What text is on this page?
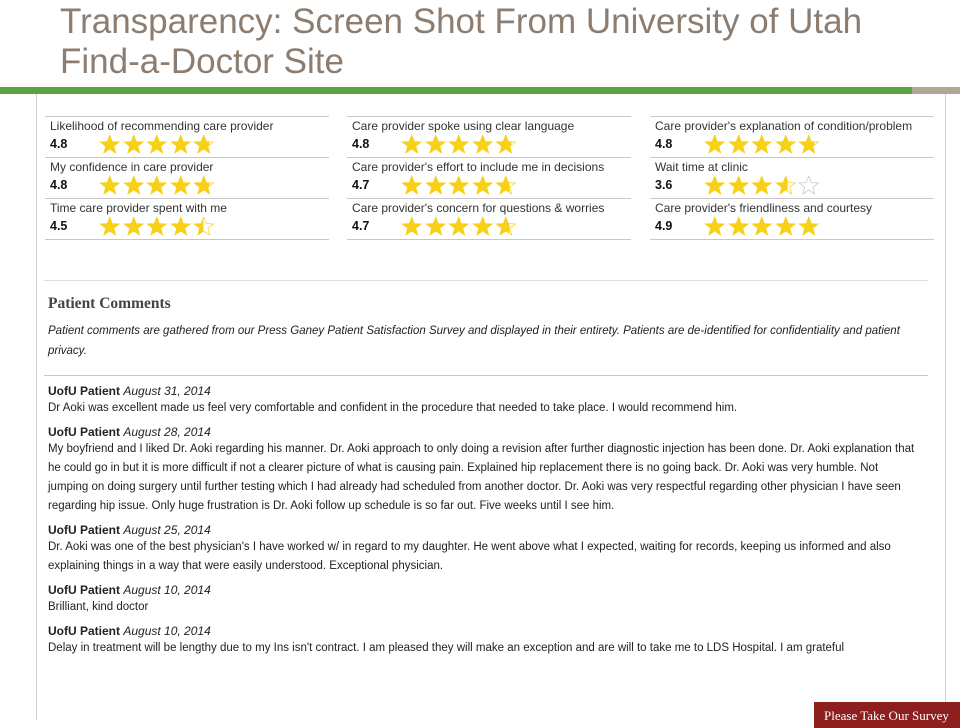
Transparency: Screen Shot From University of Utah Find-a-Doctor Site
Likelihood of recommending care provider
4.8
My confidence in care provider
4.8
Time care provider spent with me
4.5
Care provider spoke using clear language
4.8
Care provider's effort to include me in decisions
4.7
Care provider's concern for questions & worries
4.7
Care provider's explanation of condition/problem
4.8
Wait time at clinic
3.6
Care provider's friendliness and courtesy
4.9
Patient Comments

Patient comments are gathered from our Press Ganey Patient Satisfaction Survey and displayed in their entirety. Patients are de-identified for confidentiality and patient privacy.

UofU Patient August 31, 2014

Dr Aoki was excellent made us feel very comfortable and confident in the procedure that needed to take place. I would recommend him.

UofU Patient August 28, 2014

My boyfriend and I liked Dr. Aoki regarding his manner. Dr. Aoki approach to only doing a revision after further diagnostic injection has been done. Dr. Aoki explanation that he could go in but it is more difficult if not a clearer picture of what is causing pain. Explained hip replacement there is no going back. Dr. Aoki was very humble. Not jumping on doing surgery until further testing which I had already had scheduled from another doctor. Dr. Aoki was very respectful regarding other physician I have seen regarding hip issue. Only huge frustration is Dr. Aoki follow up schedule is so far out. Five weeks until I see him.

UofU Patient August 25, 2014

Dr. Aoki was one of the best physician's I have worked w/ in regard to my daughter. He went above what I expected, waiting for records, keeping us informed and also explaining things in a way that were easily understood. Exceptional physician.

UofU Patient August 10, 2014

Brilliant, kind doctor

UofU Patient August 10, 2014

Delay in treatment will be lengthy due to my Ins isn't contract. I am pleased they will make an exception and are will to take me to LDS Hospital. I am grateful

Please Take Our Survey
